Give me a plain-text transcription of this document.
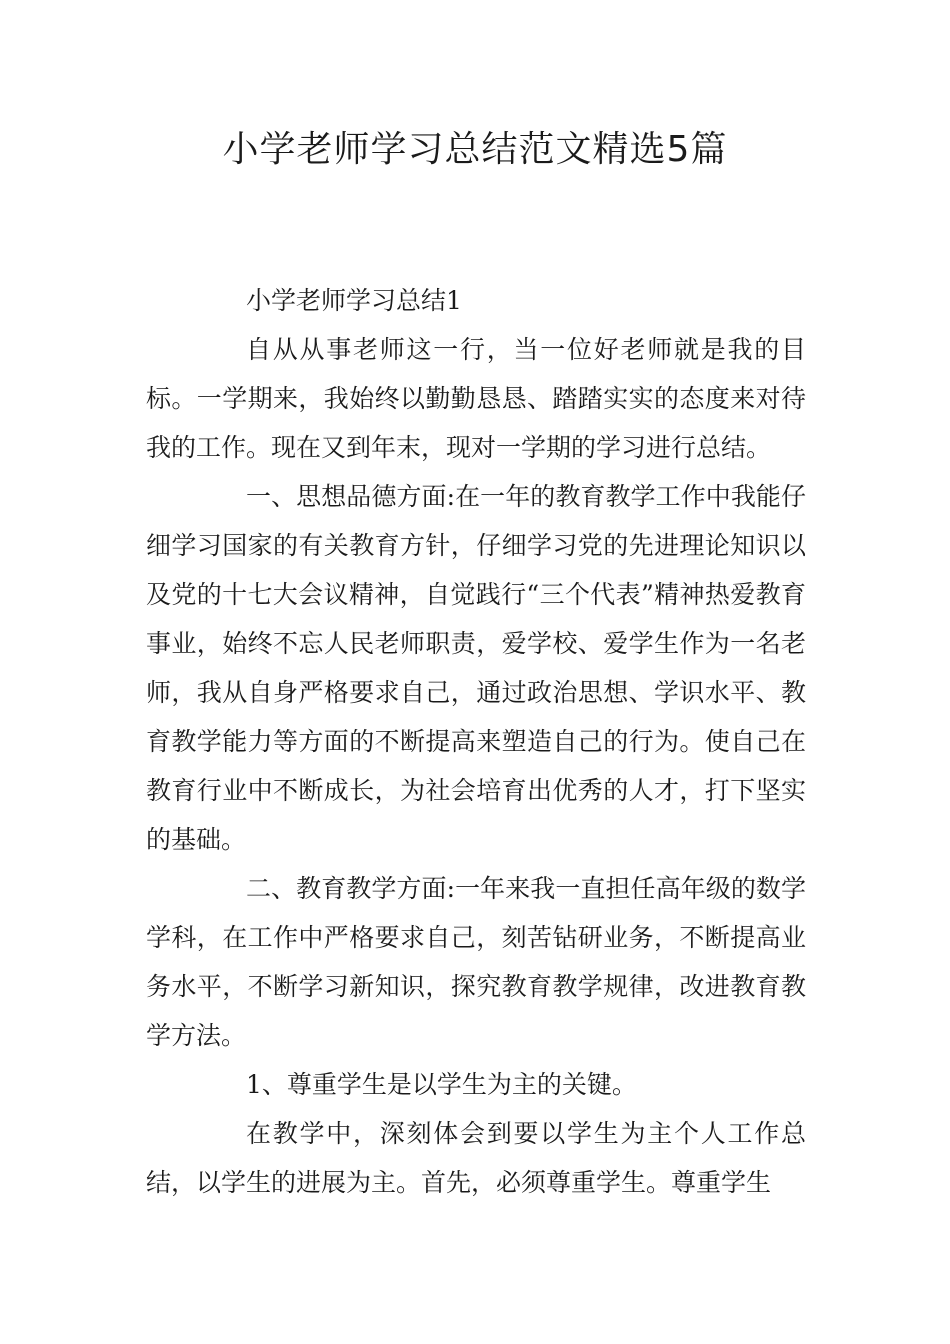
小学老师学习总结范文精选5篇

小学老师学习总结1

自从从事老师这一行，当一位好老师就是我的目标。一学期来，我始终以勤勤恳恳、踏踏实实的态度来对待我的工作。现在又到年末，现对一学期的学习进行总结。

一、思想品德方面:在一年的教育教学工作中我能仔细学习国家的有关教育方针，仔细学习党的先进理论知识以及党的十七大会议精神，自觉践行“三个代表”精神热爱教育事业，始终不忘人民老师职责，爱学校、爱学生作为一名老师，我从自身严格要求自己，通过政治思想、学识水平、教育教学能力等方面的不断提高来塑造自己的行为。使自己在教育行业中不断成长，为社会培育出优秀的人才，打下坚实的基础。

二、教育教学方面:一年来我一直担任高年级的数学学科，在工作中严格要求自己，刻苦钻研业务，不断提高业务水平，不断学习新知识，探究教育教学规律，改进教育教学方法。

1、尊重学生是以学生为主的关键。

在教学中，深刻体会到要以学生为主个人工作总结，以学生的进展为主。首先，必须尊重学生。尊重学生
